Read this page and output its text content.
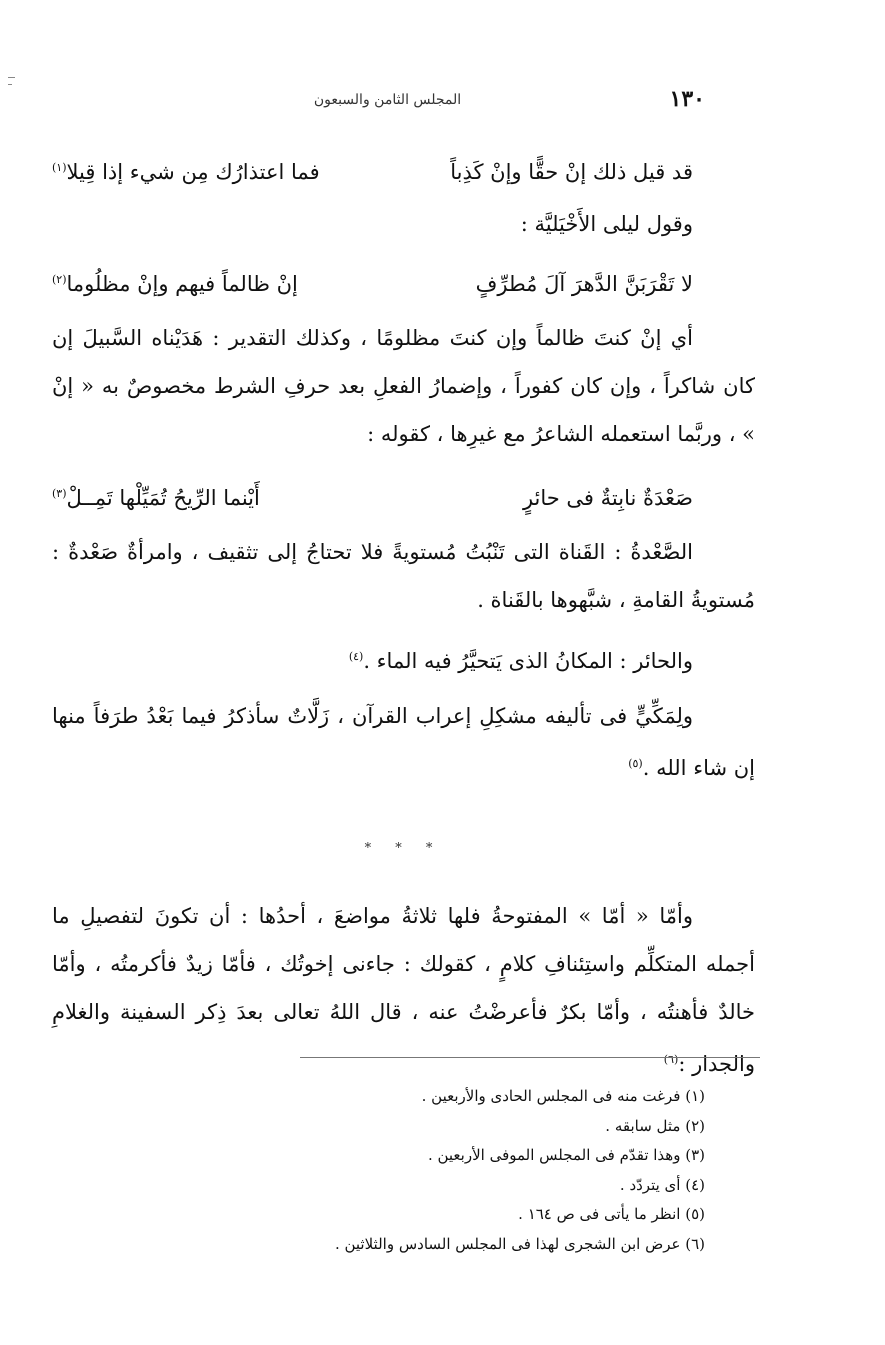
١٣٠
المجلس الثامن والسبعون
قد قيل ذلك إنْ حقًّا وإنْ كَذِباً
فما اعتذارُك مِن شيء إذا قِيلا$^{(١)}$
وقول ليلى الأَخْيَليَّة :
لا تَقْرَبَنَّ الدَّهرَ آلَ مُطرِّفٍ
إنْ ظالماً فيهم وإنْ مظلُوما$^{(٢)}$

أي إنْ كنتَ ظالماً وإن كنتَ مظلومًا ، وكذلك التقدير : هَدَيْناه السَّبيلَ إن كان شاكراً ، وإن كان كفوراً ، وإضمارُ الفعلِ بعد حرفِ الشرط مخصوصٌ به « إنْ » ، وربَّما استعمله الشاعرُ مع غيرِها ، كقوله :

صَعْدَةٌ نابِتةٌ فى حائرٍ
أَيْنما الرِّيحُ تُمَيِّلْها تَمِــلْ$^{(٣)}$

الصَّعْدةُ : القَناة التى تَنْبُتُ مُستويةً فلا تحتاجُ إلى تثقيف ، وامرأةٌ صَعْدةٌ : مُستويةُ القامةِ ، شبَّهوها بالقَناة .

والحائر : المكانُ الذى يَتحيَّرُ فيه الماء .$^{(٤)}$

ولِمَكِّيٍّ فى تأليفه مشكِلِ إعراب القرآن ، زَلَّاتٌ سأذكرُ فيما بَعْدُ طرَفاً منها إن شاء الله .$^{(٥)}$

* * *

وأمّا « أمّا » المفتوحةُ فلها ثلاثةُ مواضعَ ، أحدُها : أن تكونَ لتفصيلِ ما أجمله المتكلِّم واستِئنافِ كلامٍ ، كقولك : جاءنى إخوتُك ، فأمّا زيدٌ فأكرمتُه ، وأمّا خالدٌ فأهنتُه ، وأمّا بكرٌ فأعرضْتُ عنه ، قال اللهُ تعالى بعدَ ذِكر السفينة والغلامِ والجدار :$^{(٦)}$

(١) فرغت منه فى المجلس الحادى والأربعين .
(٢) مثل سابقه .
(٣) وهذا تقدّم فى المجلس الموفى الأربعين .
(٤) أى يتردّد .
(٥) انظر ما يأتى فى ص ١٦٤ .
(٦) عرض ابن الشجرى لهذا فى المجلس السادس والثلاثين .
